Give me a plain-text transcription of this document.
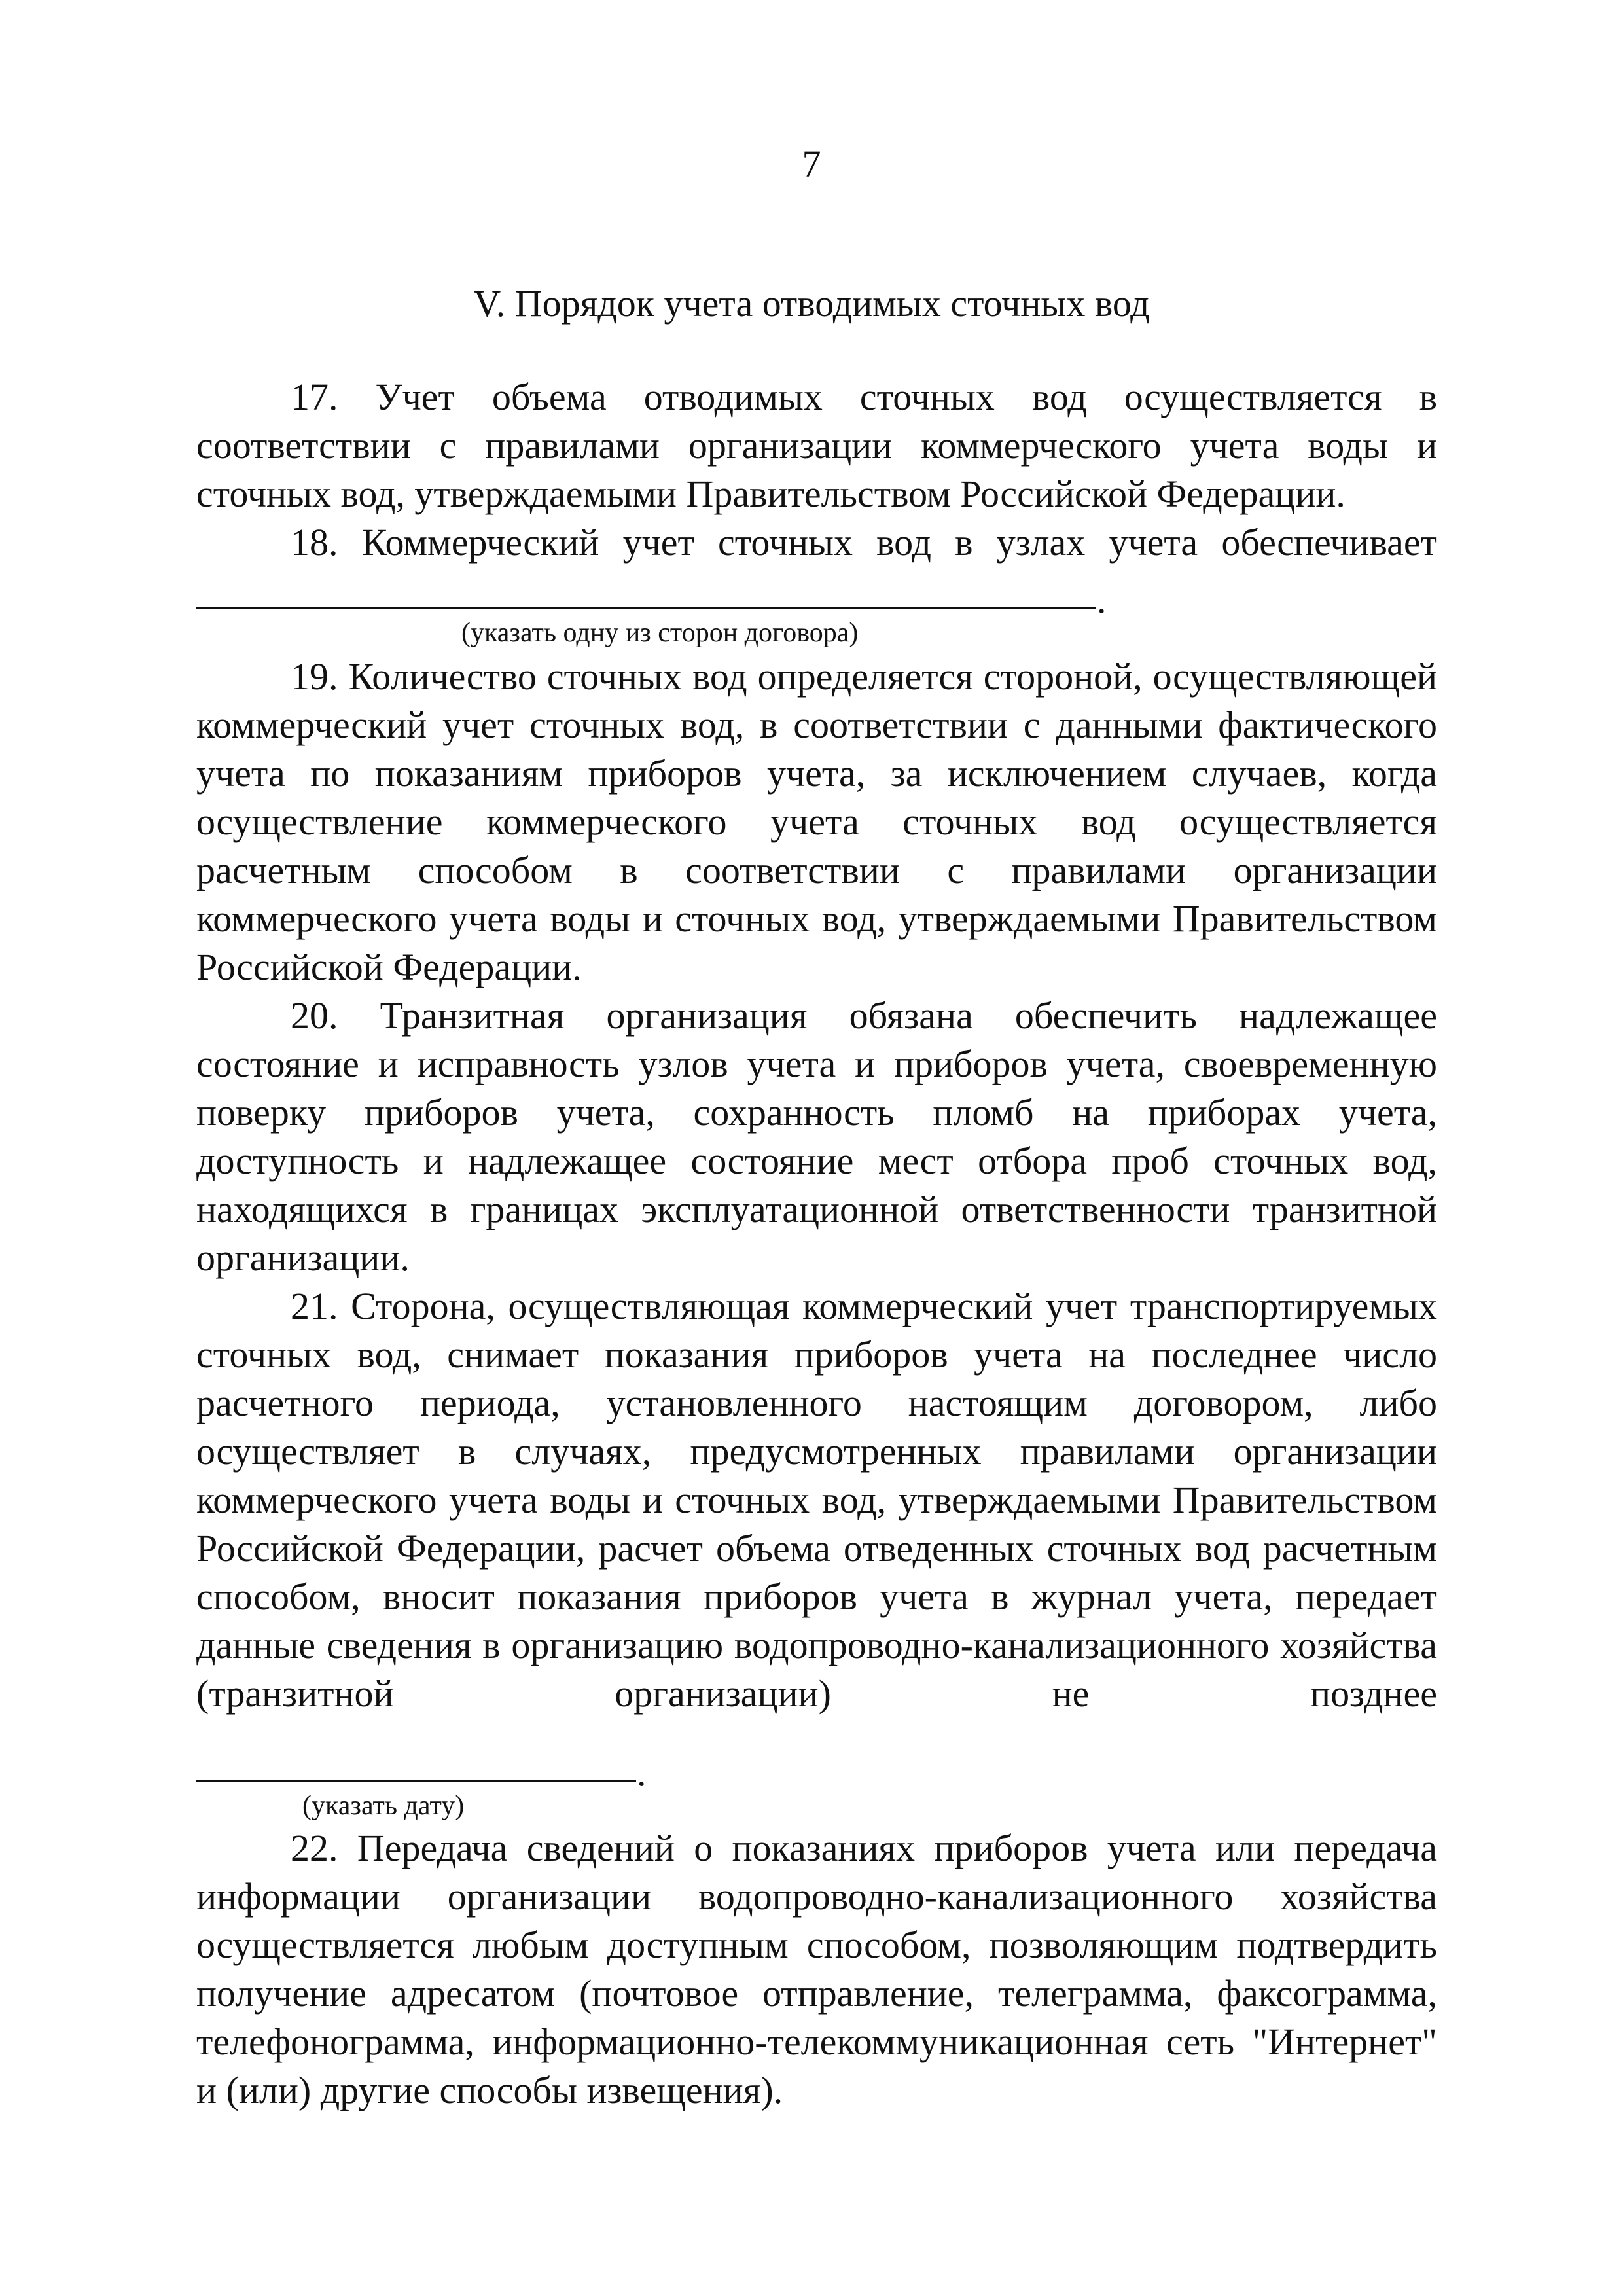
7
V. Порядок учета отводимых сточных вод

17. Учет объема отводимых сточных вод осуществляется в соответствии с правилами организации коммерческого учета воды и сточных вод, утверждаемыми Правительством Российской Федерации.

18. Коммерческий учет сточных вод в узлах учета обеспечивает

.
(указать одну из сторон договора)

19. Количество сточных вод определяется стороной, осуществляющей коммерческий учет сточных вод, в соответствии с данными фактического учета по показаниям приборов учета, за исключением случаев, когда осуществление коммерческого учета сточных вод осуществляется расчетным способом в соответствии с правилами организации коммерческого учета воды и сточных вод, утверждаемыми Правительством Российской Федерации.

20. Транзитная организация обязана обеспечить надлежащее состояние и исправность узлов учета и приборов учета, своевременную поверку приборов учета, сохранность пломб на приборах учета, доступность и надлежащее состояние мест отбора проб сточных вод, находящихся в границах эксплуатационной ответственности транзитной организации.

21. Сторона, осуществляющая коммерческий учет транспортируемых сточных вод, снимает показания приборов учета на последнее число расчетного периода, установленного настоящим договором, либо осуществляет в случаях, предусмотренных правилами организации коммерческого учета воды и сточных вод, утверждаемыми Правительством Российской Федерации, расчет объема отведенных сточных вод расчетным способом, вносит показания приборов учета в журнал учета, передает данные сведения в организацию водопроводно-канализационного хозяйства (транзитной организации) не позднее

.
(указать дату)

22. Передача сведений о показаниях приборов учета или передача информации организации водопроводно-канализационного хозяйства осуществляется любым доступным способом, позволяющим подтвердить получение адресатом (почтовое отправление, телеграмма, факсограмма, телефонограмма, информационно-телекоммуникационная сеть "Интернет" и (или) другие способы извещения).
